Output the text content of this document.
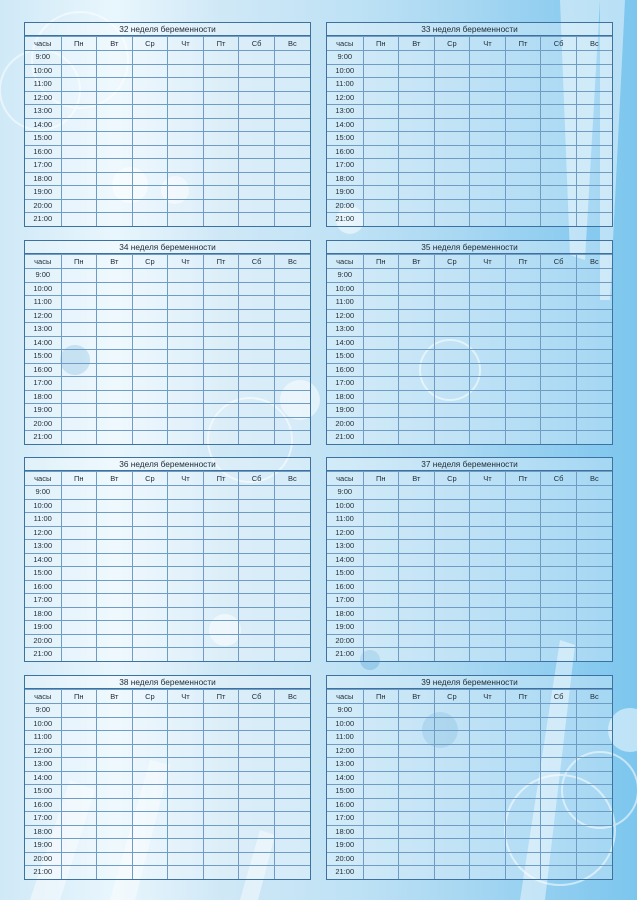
32 неделя беременности
часы	Пн	Вт	Ср	Чт	Пт	Сб	Вс
9:00							
10:00							
11:00							
12:00							
13:00							
14:00							
15:00							
16:00							
17:00							
18:00							
19:00							
20:00							
21:00							
33 неделя беременности
часы	Пн	Вт	Ср	Чт	Пт	Сб	Вс
9:00							
10:00							
11:00							
12:00							
13:00							
14:00							
15:00							
16:00							
17:00							
18:00							
19:00							
20:00							
21:00							
34 неделя беременности
часы	Пн	Вт	Ср	Чт	Пт	Сб	Вс
9:00							
10:00							
11:00							
12:00							
13:00							
14:00							
15:00							
16:00							
17:00							
18:00							
19:00							
20:00							
21:00							
35 неделя беременности
часы	Пн	Вт	Ср	Чт	Пт	Сб	Вс
9:00							
10:00							
11:00							
12:00							
13:00							
14:00							
15:00							
16:00							
17:00							
18:00							
19:00							
20:00							
21:00							
36 неделя беременности
часы	Пн	Вт	Ср	Чт	Пт	Сб	Вс
9:00							
10:00							
11:00							
12:00							
13:00							
14:00							
15:00							
16:00							
17:00							
18:00							
19:00							
20:00							
21:00							
37 неделя беременности
часы	Пн	Вт	Ср	Чт	Пт	Сб	Вс
9:00							
10:00							
11:00							
12:00							
13:00							
14:00							
15:00							
16:00							
17:00							
18:00							
19:00							
20:00							
21:00							
38 неделя беременности
часы	Пн	Вт	Ср	Чт	Пт	Сб	Вс
9:00							
10:00							
11:00							
12:00							
13:00							
14:00							
15:00							
16:00							
17:00							
18:00							
19:00							
20:00							
21:00							
39 неделя беременности
часы	Пн	Вт	Ср	Чт	Пт	Сб	Вс
9:00							
10:00							
11:00							
12:00							
13:00							
14:00							
15:00							
16:00							
17:00							
18:00							
19:00							
20:00							
21:00							
